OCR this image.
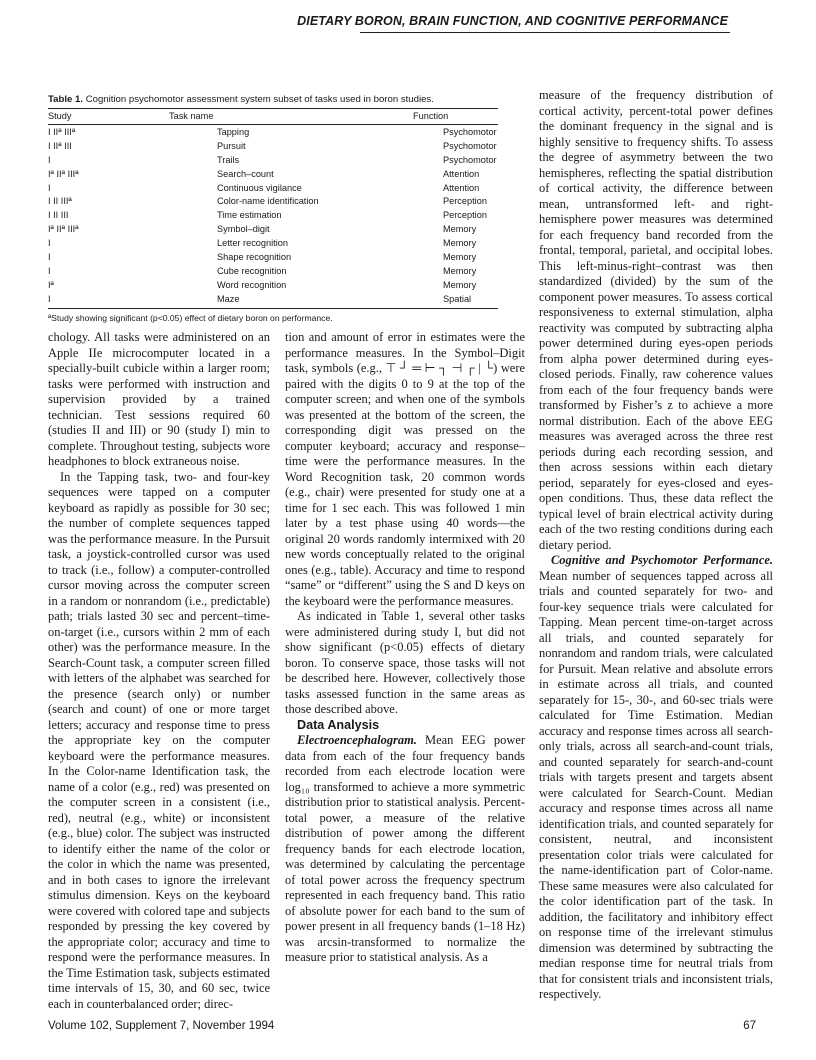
DIETARY BORON, BRAIN FUNCTION, AND COGNITIVE PERFORMANCE
Table 1. Cognition psychomotor assessment system subset of tasks used in boron studies.
Study	Task name	Function
I IIª IIIª	Tapping	Psychomotor
I IIª III	Pursuit	Psychomotor
I	Trails	Psychomotor
Iª IIª IIIª	Search–count	Attention
I	Continuous vigilance	Attention
I II IIIª	Color-name identification	Perception
I II III	Time estimation	Perception
Iª IIª IIIª	Symbol–digit	Memory
I	Letter recognition	Memory
I	Shape recognition	Memory
I	Cube recognition	Memory
Iª	Word recognition	Memory
I	Maze	Spatial
ªStudy showing significant (p<0.05) effect of dietary boron on performance.

chology. All tasks were administered on an Apple IIe microcomputer located in a specially-built cubicle within a larger room; tasks were performed with instruction and supervision provided by a trained technician. Test sessions required 60 (studies II and III) or 90 (study I) min to complete. Throughout testing, subjects wore headphones to block extraneous noise.

In the Tapping task, two- and four-key sequences were tapped on a computer keyboard as rapidly as possible for 30 sec; the number of complete sequences tapped was the performance measure. In the Pursuit task, a joystick-controlled cursor was used to track (i.e., follow) a computer-controlled cursor moving across the computer screen in a random or nonrandom (i.e., predictable) path; trials lasted 30 sec and percent–time-on-target (i.e., cursors within 2 mm of each other) was the performance measure. In the Search-Count task, a computer screen filled with letters of the alphabet was searched for the presence (search only) or number (search and count) of one or more target letters; accuracy and response time to press the appropriate key on the computer keyboard were the performance measures. In the Color-name Identification task, the name of a color (e.g., red) was presented on the computer screen in a consistent (i.e., red), neutral (e.g., white) or inconsistent (e.g., blue) color. The subject was instructed to identify either the name of the color or the color in which the name was presented, and in both cases to ignore the irrelevant stimulus dimension. Keys on the keyboard were covered with colored tape and subjects responded by pressing the key covered by the appropriate color; accuracy and time to respond were the performance measures. In the Time Estimation task, subjects estimated time intervals of 15, 30, and 60 sec, twice each in counterbalanced order; direc-

tion and amount of error in estimates were the performance measures. In the Symbol–Digit task, symbols (e.g., ⊤ ┘ ═ ⊢ ┐ ⊣ ┌ | └) were paired with the digits 0 to 9 at the top of the computer screen; and when one of the symbols was presented at the bottom of the screen, the corresponding digit was pressed on the computer keyboard; accuracy and response–time were the performance measures. In the Word Recognition task, 20 common words (e.g., chair) were presented for study one at a time for 1 sec each. This was followed 1 min later by a test phase using 40 words—the original 20 words randomly intermixed with 20 new words conceptually related to the original ones (e.g., table). Accuracy and time to respond “same” or “different” using the S and D keys on the keyboard were the performance measures.

As indicated in Table 1, several other tasks were administered during study I, but did not show significant (p<0.05) effects of dietary boron. To conserve space, those tasks will not be described here. However, collectively those tasks assessed function in the same areas as those described above.

Data Analysis

Electroencephalogram. Mean EEG power data from each of the four frequency bands recorded from each electrode location were log₁₀ transformed to achieve a more symmetric distribution prior to statistical analysis. Percent-total power, a measure of the relative distribution of power among the different frequency bands for each electrode location, was determined by calculating the percentage of total power across the frequency spectrum represented in each frequency band. This ratio of absolute power for each band to the sum of power present in all frequency bands (1–18 Hz) was arcsin-transformed to normalize the measure prior to statistical analysis. As a

measure of the frequency distribution of cortical activity, percent-total power defines the dominant frequency in the signal and is highly sensitive to frequency shifts. To assess the degree of asymmetry between the two hemispheres, reflecting the spatial distribution of cortical activity, the difference between mean, untransformed left- and right- hemisphere power measures was determined for each frequency band recorded from the frontal, temporal, parietal, and occipital lobes. This left-minus-right–contrast was then standardized (divided) by the sum of the component power measures. To assess cortical responsiveness to external stimulation, alpha reactivity was computed by subtracting alpha power determined during eyes-open periods from alpha power determined during eyes-closed periods. Finally, raw coherence values from each of the four frequency bands were transformed by Fisher’s z to achieve a more normal distribution. Each of the above EEG measures was averaged across the three rest periods during each recording session, and then across sessions within each dietary period, separately for eyes-closed and eyes-open conditions. Thus, these data reflect the typical level of brain electrical activity during each of the two resting conditions during each dietary period.

Cognitive and Psychomotor Performance. Mean number of sequences tapped across all trials and counted separately for two- and four-key sequence trials were calculated for Tapping. Mean percent time-on-target across all trials, and counted separately for nonrandom and random trials, were calculated for Pursuit. Mean relative and absolute errors in estimate across all trials, and counted separately for 15-, 30-, and 60-sec trials were calculated for Time Estimation. Median accuracy and response times across all search-only trials, across all search-and-count trials, and counted separately for search-and-count trials with targets present and targets absent were calculated for Search-Count. Median accuracy and response times across all name identification trials, and counted separately for consistent, neutral, and inconsistent presentation color trials were calculated for the name-identification part of Color-name. These same measures were also calculated for the color identification part of the task. In addition, the facilitatory and inhibitory effect on response time of the irrelevant stimulus dimension was determined by subtracting the median response time for neutral trials from that for consistent trials and inconsistent trials, respectively.

Volume 102, Supplement 7, November 1994	67
